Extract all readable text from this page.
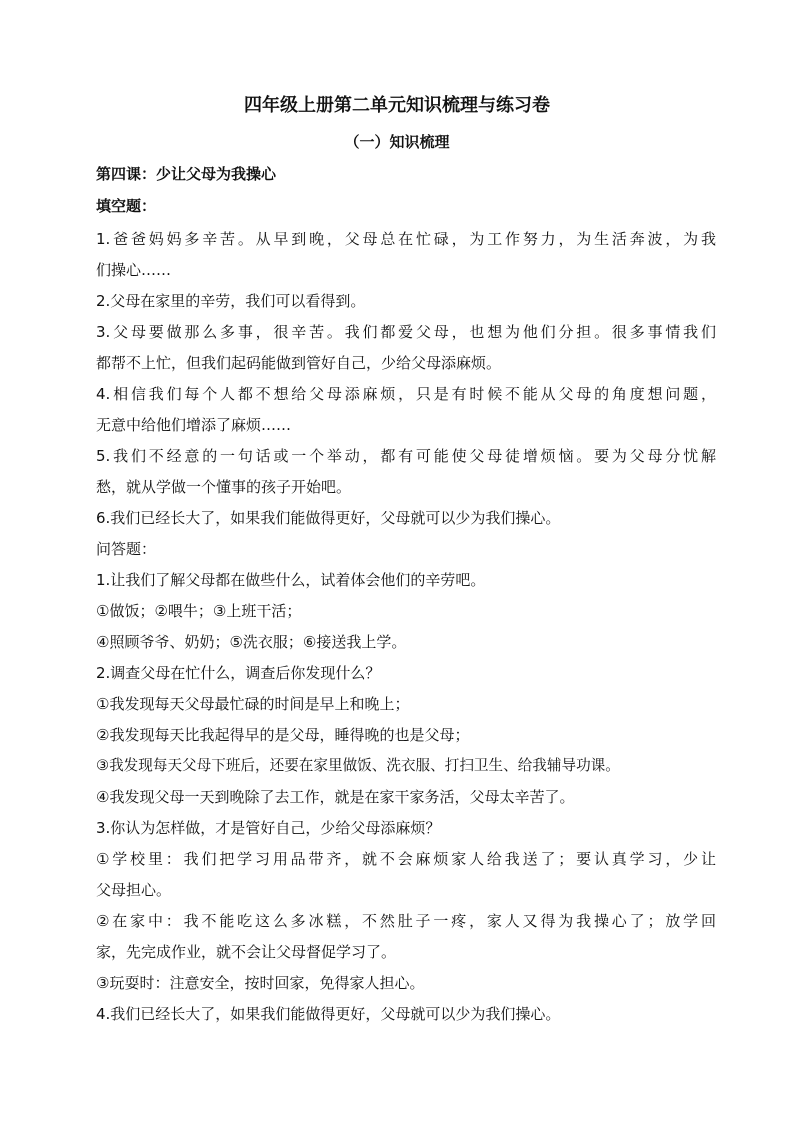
四年级上册第二单元知识梳理与练习卷
（一）知识梳理
第四课：少让父母为我操心
填空题：
1.爸爸妈妈多辛苦。从早到晚，父母总在忙碌，为工作努力，为生活奔波，为我
们操心……
2.父母在家里的辛劳，我们可以看得到。
3.父母要做那么多事，很辛苦。我们都爱父母，也想为他们分担。很多事情我们
都帮不上忙，但我们起码能做到管好自己，少给父母添麻烦。
4.相信我们每个人都不想给父母添麻烦，只是有时候不能从父母的角度想问题，
无意中给他们增添了麻烦……
5.我们不经意的一句话或一个举动，都有可能使父母徒增烦恼。要为父母分忧解
愁，就从学做一个懂事的孩子开始吧。
6.我们已经长大了，如果我们能做得更好，父母就可以少为我们操心。
问答题：
1.让我们了解父母都在做些什么，试着体会他们的辛劳吧。
①做饭；②喂牛；③上班干活；
④照顾爷爷、奶奶；⑤洗衣服；⑥接送我上学。
2.调查父母在忙什么，调查后你发现什么？
①我发现每天父母最忙碌的时间是早上和晚上；
②我发现每天比我起得早的是父母，睡得晚的也是父母；
③我发现每天父母下班后，还要在家里做饭、洗衣服、打扫卫生、给我辅导功课。
④我发现父母一天到晚除了去工作，就是在家干家务活，父母太辛苦了。
3.你认为怎样做，才是管好自己，少给父母添麻烦？
①学校里：我们把学习用品带齐，就不会麻烦家人给我送了；要认真学习，少让
父母担心。
②在家中：我不能吃这么多冰糕，不然肚子一疼，家人又得为我操心了；放学回
家，先完成作业，就不会让父母督促学习了。
③玩耍时：注意安全，按时回家，免得家人担心。
4.我们已经长大了，如果我们能做得更好，父母就可以少为我们操心。
